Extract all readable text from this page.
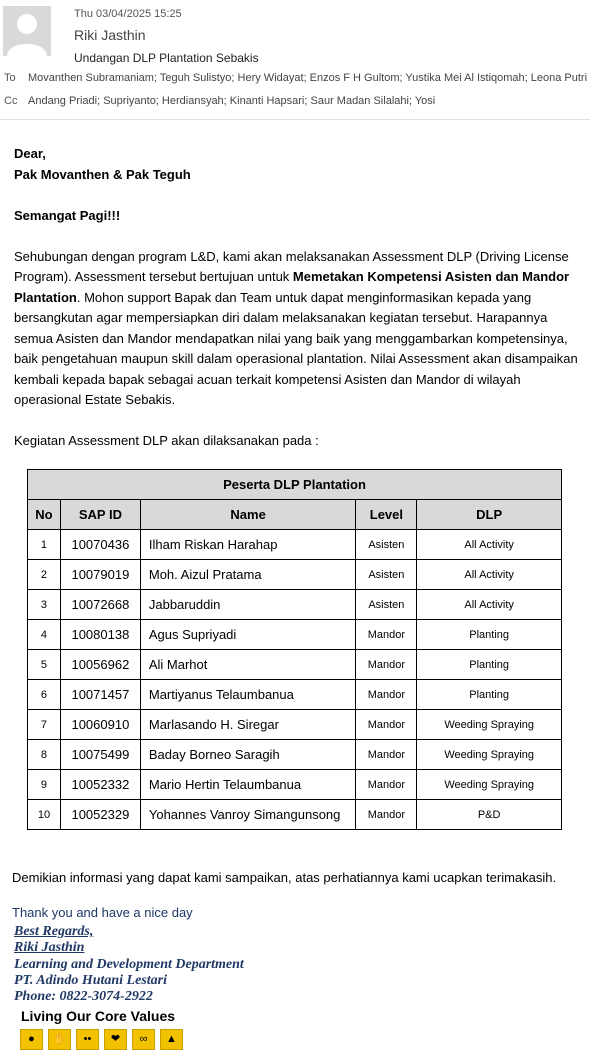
Thu 03/04/2025 15:25
Riki Jasthin
Undangan DLP Plantation Sebakis
To Movanthen Subramaniam; Teguh Sulistyo; Hery Widayat; Enzos F H Gultom; Yustika Mei Al Istiqomah; Leona Putri
Cc Andang Priadi; Supriyanto; Herdiansyah; Kinanti Hapsari; Saur Madan Silalahi; Yosi

Dear,

Pak Movanthen & Pak Teguh

Semangat Pagi!!!

Sehubungan dengan program L&D, kami akan melaksanakan Assessment DLP (Driving License Program). Assessment tersebut bertujuan untuk Memetakan Kompetensi Asisten dan Mandor Plantation. Mohon support Bapak dan Team untuk dapat menginformasikan kepada yang bersangkutan agar mempersiapkan diri dalam melaksanakan kegiatan tersebut. Harapannya semua Asisten dan Mandor mendapatkan nilai yang baik yang menggambarkan kompetensinya, baik pengetahuan maupun skill dalam operasional plantation. Nilai Assessment akan disampaikan kembali kepada bapak sebagai acuan terkait kompetensi Asisten dan Mandor di wilayah operasional Estate Sebakis.

Kegiatan Assessment DLP akan dilaksanakan pada :

Peserta DLP Plantation				
No	SAP ID	Name	Level	DLP
1	10070436	Ilham Riskan Harahap	Asisten	All Activity
2	10079019	Moh. Aizul Pratama	Asisten	All Activity
3	10072668	Jabbaruddin	Asisten	All Activity
4	10080138	Agus Supriyadi	Mandor	Planting
5	10056962	Ali Marhot	Mandor	Planting
6	10071457	Martiyanus Telaumbanua	Mandor	Planting
7	10060910	Marlasando H. Siregar	Mandor	Weeding Spraying
8	10075499	Baday Borneo Saragih	Mandor	Weeding Spraying
9	10052332	Mario Hertin Telaumbanua	Mandor	Weeding Spraying
10	10052329	Yohannes Vanroy Simangunsong	Mandor	P&D
Demikian informasi yang dapat kami sampaikan, atas perhatiannya kami ucapkan terimakasih.
Thank you and have a nice day
Best Regards,
Riki Jasthin
Learning and Development Department
PT. Adindo Hutani Lestari
Phone: 0822-3074-2922
Living Our Core Values
●	✋	••	❤	∞	▲
